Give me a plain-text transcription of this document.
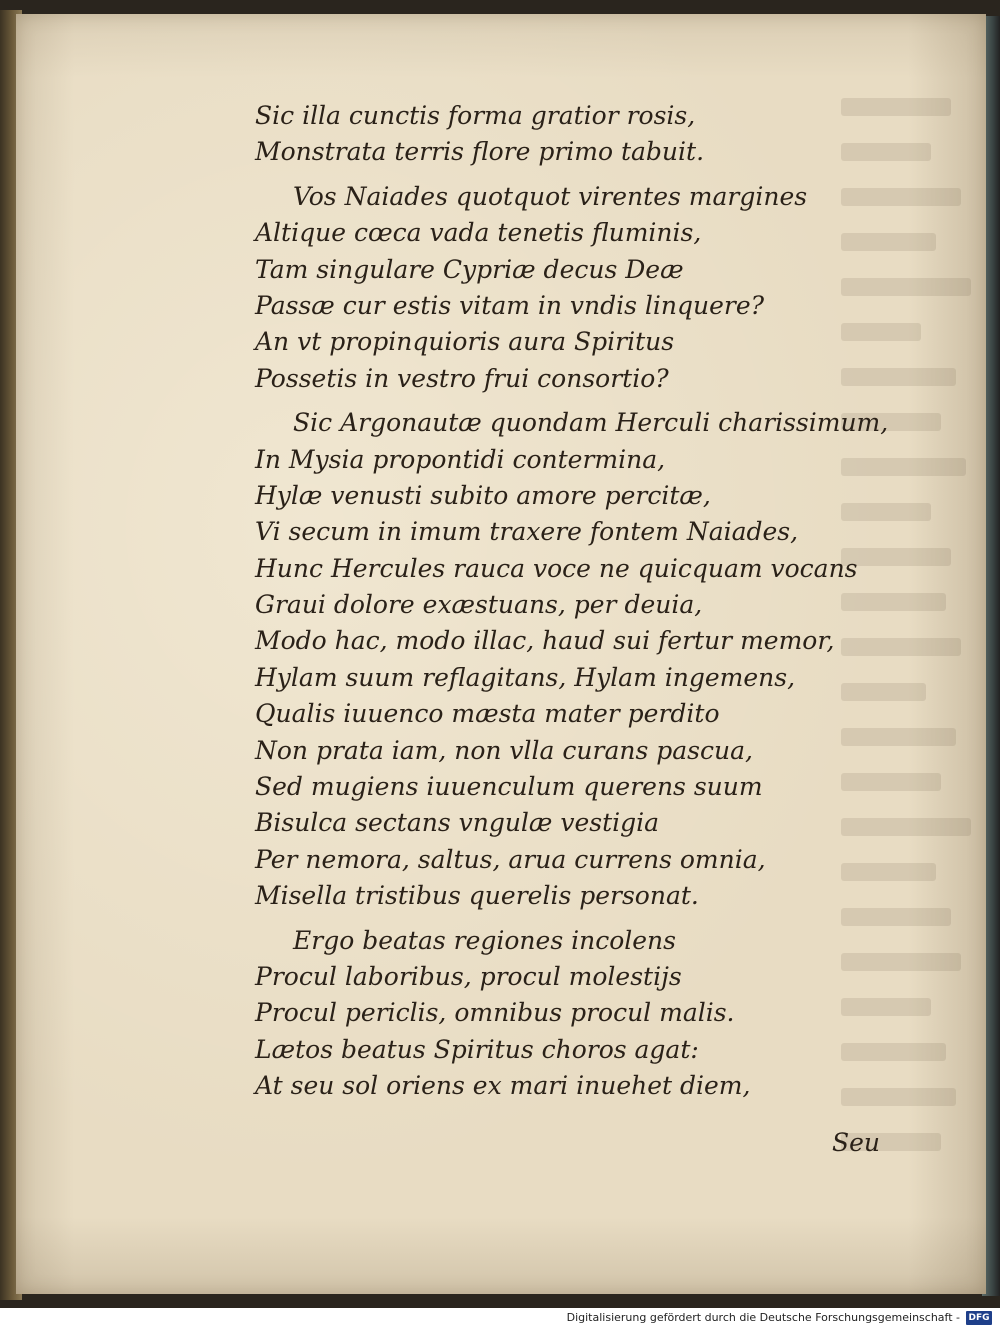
Sic illa cunctis forma gratior rosis,
Monstrata terris flore primo tabuit.
Vos Naiades quotquot virentes margines
Altique cœca vada tenetis fluminis,
Tam singulare Cypriæ decus Deæ
Passæ cur estis vitam in vndis linquere?
An vt propinquioris aura Spiritus
Possetis in vestro frui consortio?
Sic Argonautæ quondam Herculi charissimum,
In Mysia propontidi contermina,
Hylæ venusti subito amore percitæ,
Vi secum in imum traxere fontem Naiades,
Hunc Hercules rauca voce ne quicquam vocans
Graui dolore exæstuans, per deuia,
Modo hac, modo illac, haud sui fertur memor,
Hylam suum reflagitans, Hylam ingemens,
Qualis iuuenco mæsta mater perdito
Non prata iam, non vlla curans pascua,
Sed mugiens iuuenculum querens suum
Bisulca sectans vngulæ vestigia
Per nemora, saltus, arua currens omnia,
Misella tristibus querelis personat.
Ergo beatas regiones incolens
Procul laboribus, procul molestijs
Procul periclis, omnibus procul malis.
Lætos beatus Spiritus choros agat:
At seu sol oriens ex mari inuehet diem,
Seu
Digitalisierung gefördert durch die Deutsche Forschungsgemeinschaft - DFG
